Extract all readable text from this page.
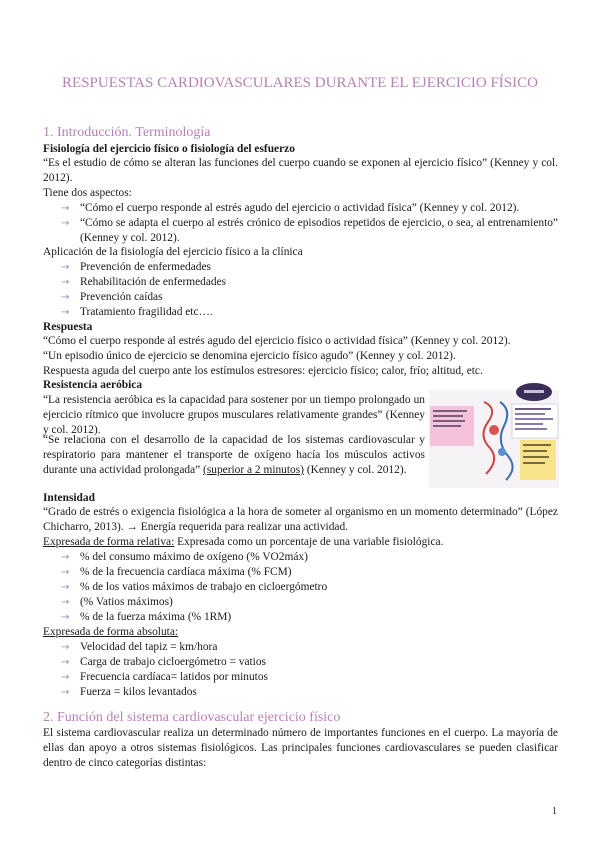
RESPUESTAS CARDIOVASCULARES DURANTE EL EJERCICIO FÍSICO
1. Introducción. Terminología
Fisiología del ejercicio físico o fisiología del esfuerzo
“Es el estudio de cómo se alteran las funciones del cuerpo cuando se exponen al ejercicio físico” (Kenney y col. 2012).
Tiene dos aspectos:
→ “Cómo el cuerpo responde al estrés agudo del ejercicio o actividad física” (Kenney y col. 2012).
→ “Cómo se adapta el cuerpo al estrés crónico de episodios repetidos de ejercicio, o sea, al entrenamiento” (Kenney y col. 2012).
Aplicación de la fisiología del ejercicio físico a la clínica
→ Prevención de enfermedades
→ Rehabilitación de enfermedades
→ Prevención caídas
→ Tratamiento fragilidad etc….
Respuesta
“Cómo el cuerpo responde al estrés agudo del ejercicio físico o actividad física” (Kenney y col. 2012).
“Un episodio único de ejercicio se denomina ejercicio físico agudo” (Kenney y col. 2012).
Respuesta aguda del cuerpo ante los estímulos estresores: ejercicio físico; calor, frío; altitud, etc.
Resistencia aeróbica
“La resistencia aeróbica es la capacidad para sostener por un tiempo prolongado un ejercicio rítmico que involucre grupos musculares relativamente grandes” (Kenney y col. 2012).
“Se relaciona con el desarrollo de la capacidad de los sistemas cardiovascular y respiratorio para mantener el transporte de oxígeno hacía los músculos activos durante una actividad prolongada” (superior a 2 minutos) (Kenney y col. 2012).
Intensidad
“Grado de estrés o exigencia fisiológica a la hora de someter al organismo en un momento determinado” (López Chicharro, 2013). → Energía requerida para realizar una actividad.
Expresada de forma relativa: Expresada como un porcentaje de una variable fisiológica.
→ % del consumo máximo de oxígeno (% VO2máx)
→ % de la frecuencia cardíaca máxima (% FCM)
→ % de los vatios máximos de trabajo en cicloergómetro
→ (% Vatios máximos)
→ % de la fuerza máxima (% 1RM)
Expresada de forma absoluta:
→ Velocidad del tapiz = km/hora
→ Carga de trabajo cicloergómetro = vatios
→ Frecuencia cardíaca= latidos por minutos
→ Fuerza = kilos levantados
2. Función del sistema cardiovascular ejercicio físico
El sistema cardiovascular realiza un determinado número de importantes funciones en el cuerpo. La mayoría de ellas dan apoyo a otros sistemas fisiológicos. Las principales funciones cardiovasculares se pueden clasificar dentro de cinco categorías distintas:
1
